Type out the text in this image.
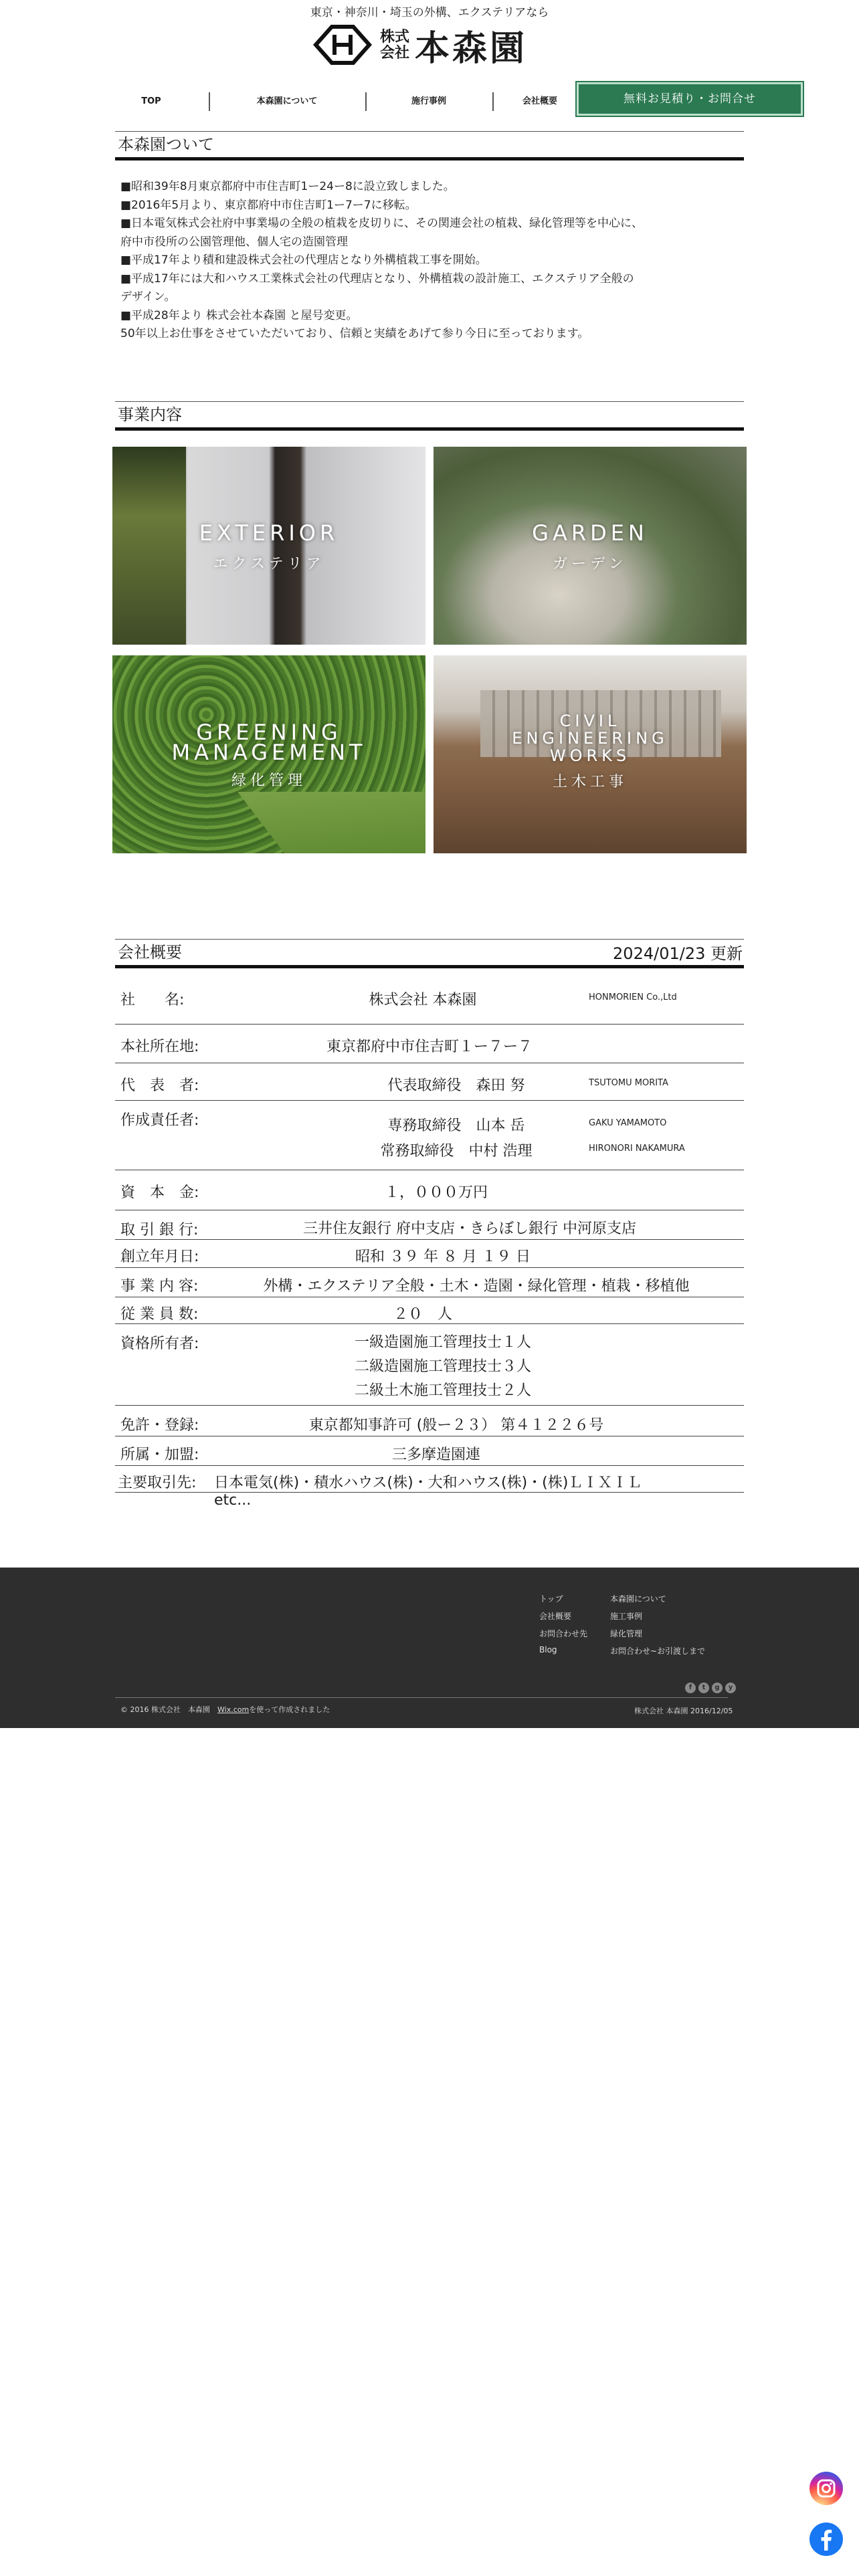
東京・神奈川・埼玉の外構、エクステリアなら
株式
会社 本森園
TOP	本森園について	施行事例	会社概要	無料お見積り・お問合せ
本森園ついて
■昭和39年8月東京都府中市住吉町1ー24ー8に設立致しました。
■2016年5月より、東京都府中市住吉町1ー7ー7に移転。
■日本電気株式会社府中事業場の全般の植栽を皮切りに、その関連会社の植栽、緑化管理等を中心に、
府中市役所の公園管理他、個人宅の造園管理
■平成17年より積和建設株式会社の代理店となり外構植栽工事を開始。
■平成17年には大和ハウス工業株式会社の代理店となり、外構植栽の設計施工、エクステリア全般の
デザイン。
■平成28年より 株式会社本森園 と屋号変更。
50年以上お仕事をさせていただいており、信頼と実績をあげて参り今日に至っております。
事業内容
EXTERIOR
エクステリア
GARDEN
ガーデン
GREENING
MANAGEMENT
緑化管理
CIVIL
ENGINEERING
WORKS
土木工事
会社概要	2024/01/23 更新
社　　名:	株式会社 本森園	HONMORIEN Co.,Ltd
本社所在地:	東京都府中市住吉町１ー７ー７
代　表　者:	代表取締役　森田 努	TSUTOMU MORITA
作成責任者:	専務取締役　山本 岳	GAKU YAMAMOTO
常務取締役　中村 浩理	HIRONORI NAKAMURA
資　本　金:	１，０００万円
取 引 銀 行:	三井住友銀行 府中支店・きらぼし銀行 中河原支店
創立年月日:	昭和 ３９ 年 ８ 月 １９ 日
事 業 内 容:	外構・エクステリア全般・土木・造園・緑化管理・植栽・移植他
従 業 員 数:	２０　人
資格所有者:	一級造園施工管理技士１人
二級造園施工管理技士３人
二級土木施工管理技士２人
免許・登録:	東京都知事許可 (般ー２３） 第４１２２６号
所属・加盟:	三多摩造園連
主要取引先: 日本電気(株)・積水ハウス(株)・大和ハウス(株)・(株)ＬＩＸＩＬ etc...
トップ
会社概要
お問合わせ先
Blog
本森園について
施工事例
緑化管理
お問合わせ~お引渡しまで
f	t	g	y
© 2016 株式会社　本森園　Wix.comを使って作成されました	株式会社 本森園 2016/12/05
